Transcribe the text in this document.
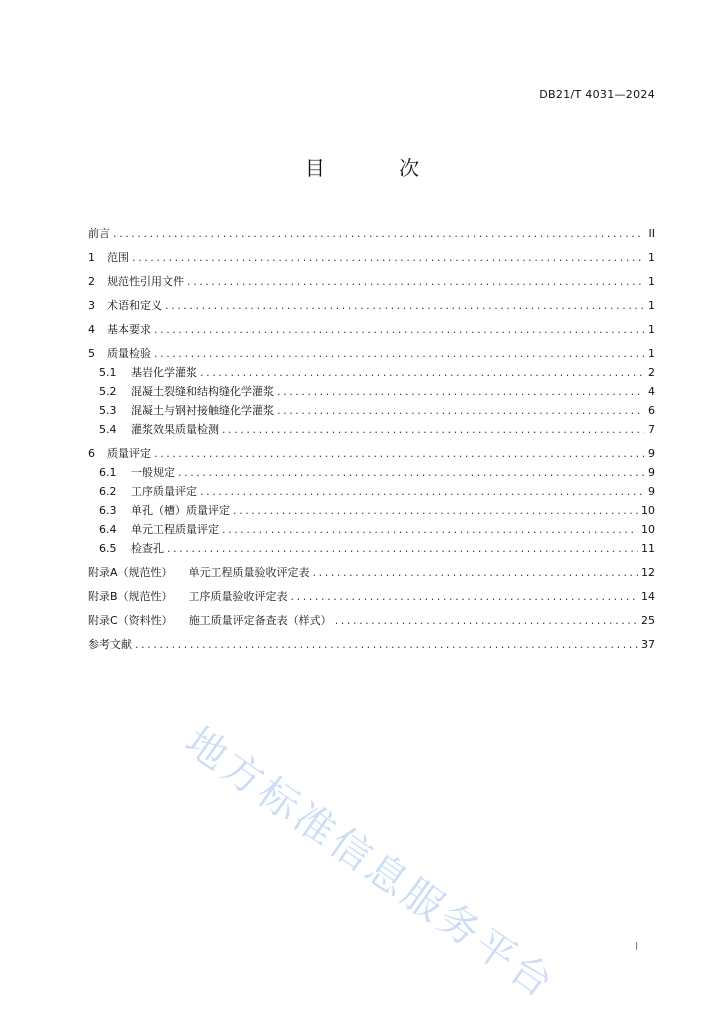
DB21/T 4031—2024
目 次
前言 .....	II
1	范围 .....	1
2	规范性引用文件 .....	1
3	术语和定义 .....	1
4	基本要求 .....	1
5	质量检验 .....	1
5.1	基岩化学灌浆 .....	2
5.2	混凝土裂缝和结构缝化学灌浆 .....	4
5.3	混凝土与钢衬接触缝化学灌浆 .....	6
5.4	灌浆效果质量检测 .....	7
6	质量评定 .....	9
6.1	一般规定 .....	9
6.2	工序质量评定 .....	9
6.3	单孔（槽）质量评定 .....	10
6.4	单元工程质量评定 .....	10
6.5	检查孔 .....	11
附录A（规范性） 单元工程质量验收评定表 .....	12
附录B（规范性） 工序质量验收评定表 .....	14
附录C（资料性） 施工质量评定备查表（样式） .....	25
参考文献 .....	37
地方标准信息服务平台	I
